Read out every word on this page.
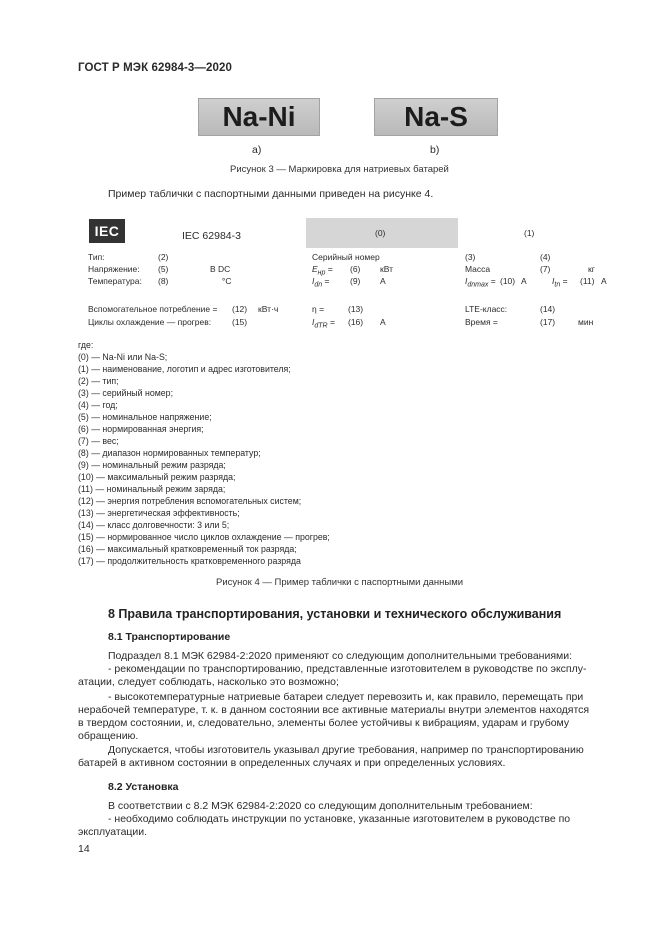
ГОСТ Р МЭК 62984-3—2020
Na-Ni	Na-S
a)	b)
Рисунок 3 — Маркировка для натриевых батарей
Пример таблички с паспортными данными приведен на рисунке 4.
IEC	IEC 62984-3	(0)	(1)
Тип:	(2)	Серийный номер	(3)	(4)
Напряжение: (5)	В DC	$E_{нр} = (6)$ кВт	Масса	(7)	кг
Температура: (8)	°C	$I_{dn} = (9)$ A	$I_{dnmax} = (10)$ A	$I_{tn} = (11)$ A
Вспомогательное потребление = (12) кВт·ч	η =	(13)	LTE-класс:	(14)
Циклы охлаждение — прогрев: (15)	$I_{dTR} = (16)$ A	Время =	(17)	мин
где:
(0) — Na-Ni или Na-S;
(1) — наименование, логотип и адрес изготовителя;
(2) — тип;
(3) — серийный номер;
(4) — год;
(5) — номинальное напряжение;
(6) — нормированная энергия;
(7) — вес;
(8) — диапазон нормированных температур;
(9) — номинальный режим разряда;
(10) — максимальный режим разряда;
(11) — номинальный режим заряда;
(12) — энергия потребления вспомогательных систем;
(13) — энергетическая эффективность;
(14) — класс долговечности: 3 или 5;
(15) — нормированное число циклов охлаждение — прогрев;
(16) — максимальный кратковременный ток разряда;
(17) — продолжительность кратковременного разряда
Рисунок 4 — Пример таблички с паспортными данными
8 Правила транспортирования, установки и технического обслуживания
8.1 Транспортирование
Подраздел 8.1 МЭК 62984-2:2020 применяют со следующим дополнительными требованиями:
- рекомендации по транспортированию, представленные изготовителем в руководстве по эксплу-
атации, следует соблюдать, насколько это возможно;
- высокотемпературные натриевые батареи следует перевозить и, как правило, перемещать при
нерабочей температуре, т. к. в данном состоянии все активные материалы внутри элементов находятся
в твердом состоянии, и, следовательно, элементы более устойчивы к вибрациям, ударам и грубому
обращению.
Допускается, чтобы изготовитель указывал другие требования, например по транспортированию
батарей в активном состоянии в определенных случаях и при определенных условиях.
8.2 Установка
В соответствии с 8.2 МЭК 62984-2:2020 со следующим дополнительным требованием:
- необходимо соблюдать инструкции по установке, указанные изготовителем в руководстве по
эксплуатации.
14
